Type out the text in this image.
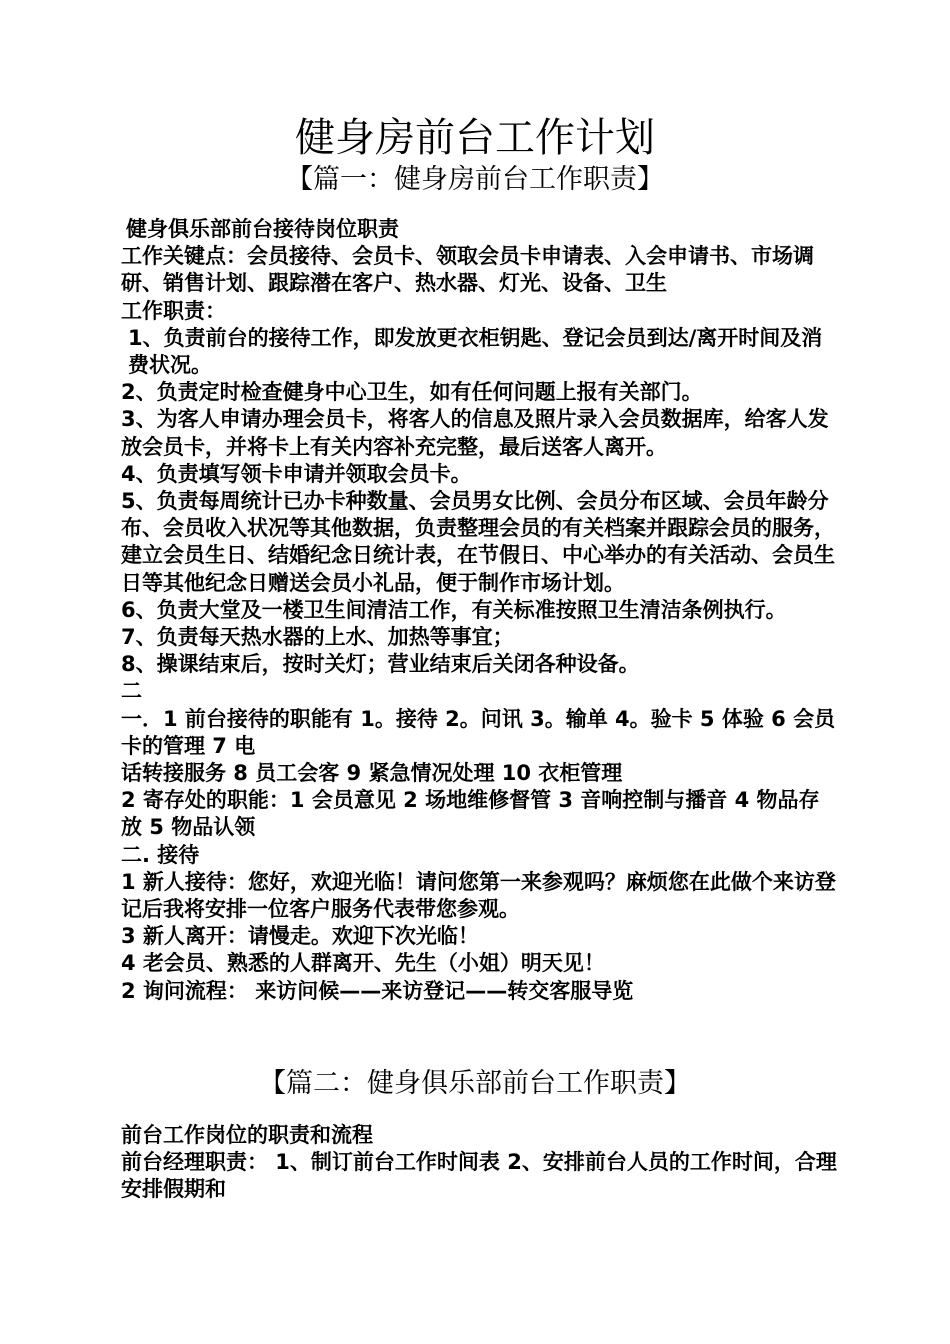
健身房前台工作计划
【篇一：健身房前台工作职责】

健身俱乐部前台接待岗位职责

工作关键点：会员接待、会员卡、领取会员卡申请表、入会申请书、市场调研、销售计划、跟踪潜在客户、热水器、灯光、设备、卫生

工作职责：

1、负责前台的接待工作，即发放更衣柜钥匙、登记会员到达/离开时间及消费状况。

2、负责定时检查健身中心卫生，如有任何问题上报有关部门。

3、为客人申请办理会员卡，将客人的信息及照片录入会员数据库，给客人发放会员卡，并将卡上有关内容补充完整，最后送客人离开。

4、负责填写领卡申请并领取会员卡。

5、负责每周统计已办卡种数量、会员男女比例、会员分布区域、会员年龄分布、会员收入状况等其他数据，负责整理会员的有关档案并跟踪会员的服务，建立会员生日、结婚纪念日统计表，在节假日、中心举办的有关活动、会员生日等其他纪念日赠送会员小礼品，便于制作市场计划。

6、负责大堂及一楼卫生间清洁工作，有关标准按照卫生清洁条例执行。

7、负责每天热水器的上水、加热等事宜；

8、操课结束后，按时关灯；营业结束后关闭各种设备。

二

一．1 前台接待的职能有 1。接待 2。问讯 3。输单 4。验卡 5 体验 6 会员卡的管理 7 电

话转接服务 8 员工会客 9 紧急情况处理 10 衣柜管理

2 寄存处的职能：1 会员意见 2 场地维修督管 3 音响控制与播音 4 物品存放 5 物品认领

二. 接待

1 新人接待：您好，欢迎光临！请问您第一来参观吗？麻烦您在此做个来访登记后我将安排一位客户服务代表带您参观。

3 新人离开：请慢走。欢迎下次光临！

4 老会员、熟悉的人群离开、先生（小姐）明天见！

2 询问流程： 来访问候——来访登记——转交客服导览

【篇二：健身俱乐部前台工作职责】

前台工作岗位的职责和流程

前台经理职责： 1、制订前台工作时间表 2、安排前台人员的工作时间，合理安排假期和
